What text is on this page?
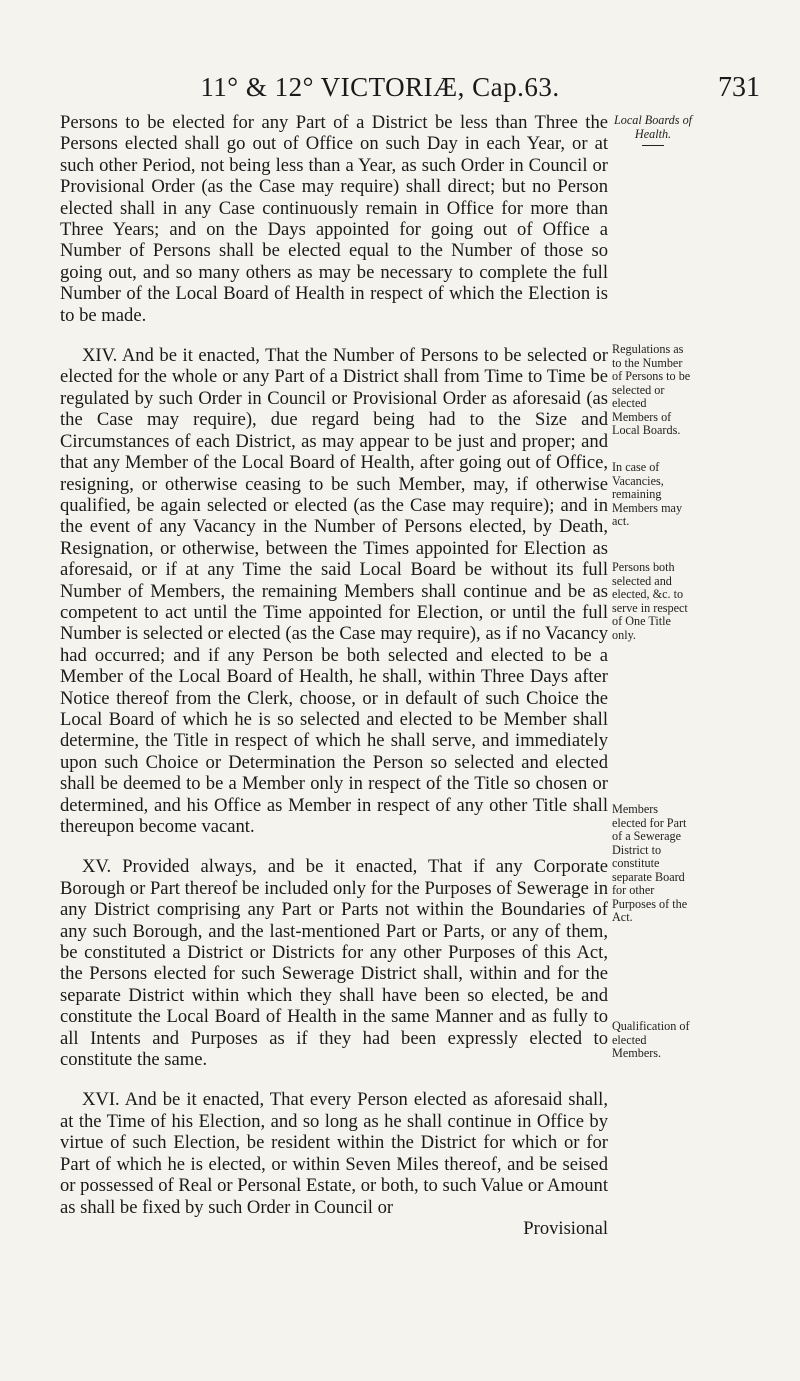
11° & 12° VICTORIÆ, Cap.63.	731

Persons to be elected for any Part of a District be less than Three the Persons elected shall go out of Office on such Day in each Year, or at such other Period, not being less than a Year, as such Order in Council or Provisional Order (as the Case may require) shall direct; but no Person elected shall in any Case continuously remain in Office for more than Three Years; and on the Days appointed for going out of Office a Number of Persons shall be elected equal to the Number of those so going out, and so many others as may be necessary to complete the full Number of the Local Board of Health in respect of which the Election is to be made.

XIV. And be it enacted, That the Number of Persons to be selected or elected for the whole or any Part of a District shall from Time to Time be regulated by such Order in Council or Provisional Order as aforesaid (as the Case may require), due regard being had to the Size and Circumstances of each District, as may appear to be just and proper; and that any Member of the Local Board of Health, after going out of Office, resigning, or otherwise ceasing to be such Member, may, if otherwise qualified, be again selected or elected (as the Case may require); and in the event of any Vacancy in the Number of Persons elected, by Death, Resignation, or otherwise, between the Times appointed for Election as aforesaid, or if at any Time the said Local Board be without its full Number of Members, the remaining Members shall continue and be as competent to act until the Time appointed for Election, or until the full Number is selected or elected (as the Case may require), as if no Vacancy had occurred; and if any Person be both selected and elected to be a Member of the Local Board of Health, he shall, within Three Days after Notice thereof from the Clerk, choose, or in default of such Choice the Local Board of which he is so selected and elected to be Member shall determine, the Title in respect of which he shall serve, and immediately upon such Choice or Determination the Person so selected and elected shall be deemed to be a Member only in respect of the Title so chosen or determined, and his Office as Member in respect of any other Title shall thereupon become vacant.

XV. Provided always, and be it enacted, That if any Corporate Borough or Part thereof be included only for the Purposes of Sewerage in any District comprising any Part or Parts not within the Boundaries of any such Borough, and the last-mentioned Part or Parts, or any of them, be constituted a District or Districts for any other Purposes of this Act, the Persons elected for such Sewerage District shall, within and for the separate District within which they shall have been so elected, be and constitute the Local Board of Health in the same Manner and as fully to all Intents and Purposes as if they had been expressly elected to constitute the same.

XVI. And be it enacted, That every Person elected as aforesaid shall, at the Time of his Election, and so long as he shall continue in Office by virtue of such Election, be resident within the District for which or for Part of which he is elected, or within Seven Miles thereof, and be seised or possessed of Real or Personal Estate, or both, to such Value or Amount as shall be fixed by such Order in Council or

Provisional

Local Boards of Health.
Regulations as to the Number of Persons to be selected or elected Members of Local Boards.
In case of Vacancies, remaining Members may act.
Persons both selected and elected, &c. to serve in respect of One Title only.
Members elected for Part of a Sewerage District to constitute separate Board for other Purposes of the Act.
Qualification of elected Members.
